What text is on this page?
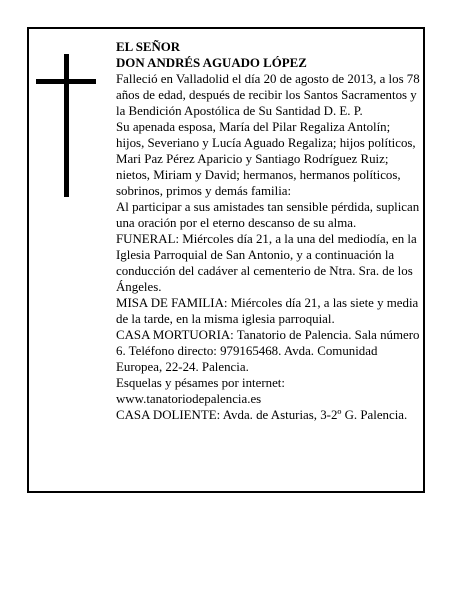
EL SEÑOR

DON ANDRÉS AGUADO LÓPEZ

Falleció en Valladolid el día 20 de agosto de 2013, a los 78 años de edad, después de recibir los Santos Sacramentos y la Bendición Apostólica de Su Santidad D. E. P.

Su apenada esposa, María del Pilar Regaliza Antolín; hijos, Severiano y Lucía Aguado Regaliza; hijos políticos, Mari Paz Pérez Aparicio y Santiago Rodríguez Ruiz; nietos, Miriam y David; hermanos, hermanos políticos, sobrinos, primos y demás familia:

Al participar a sus amistades tan sensible pérdida, suplican una oración por el eterno descanso de su alma.

FUNERAL: Miércoles día 21, a la una del mediodía, en la Iglesia Parroquial de San Antonio, y a continuación la conducción del cadáver al cementerio de Ntra. Sra. de los Ángeles.

MISA DE FAMILIA: Miércoles día 21, a las siete y media de la tarde, en la misma iglesia parroquial.

CASA MORTUORIA: Tanatorio de Palencia. Sala número 6. Teléfono directo: 979165468. Avda. Comunidad Europea, 22-24. Palencia.

Esquelas y pésames por internet: www.tanatoriodepalencia.es

CASA DOLIENTE: Avda. de Asturias, 3-2º G. Palencia.
